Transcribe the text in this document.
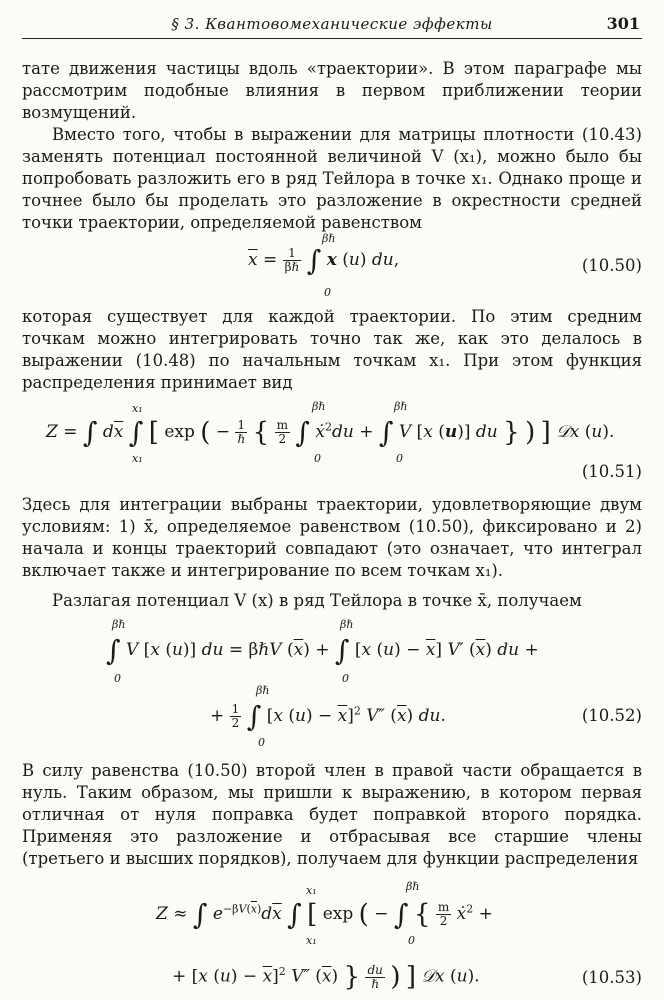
§ 3. Квантовомеханические эффекты	301
тате движения частицы вдоль «траектории». В этом параграфе мы рассмотрим подобные влияния в первом приближении теории возмущений.
Вместо того, чтобы в выражении для матрицы плотности (10.43) заменять потенциал постоянной величиной V (x₁), можно было бы попробовать разложить его в ряд Тейлора в точке x₁. Однако проще и точнее было бы проделать это разложение в окрестности средней точки траектории, определяемой равенством
$\overline{x} = \frac{1}{\text{βℏ}}$ ∫ x (u) du,
βℏ
0
(10.50)
которая существует для каждой траектории. По этим средним точкам можно интегрировать точно так же, как это делалось в выражении (10.48) по начальным точкам x₁. При этом функция распределения принимает вид
Z = ∫ $d\overline{x}$ ∫ [ exp ( − $\frac{1}{\text{ℏ}}$ { $\frac{m}{2}$ ∫ ẋ$^2$du + ∫ V [x (u)] du } ) ] 𝒟x (u).
x₁
x₁
βℏ
0
βℏ
0
(10.51)
Здесь для интеграции выбраны траектории, удовлетворяющие двум условиям: 1) x̄, определяемое равенством (10.50), фиксировано и 2) начала и концы траекторий совпадают (это означает, что интеграл включает также и интегрирование по всем точкам x₁).
Разлагая потенциал V (x) в ряд Тейлора в точке x̄, получаем
∫ V [x (u)] du = βℏV $(\overline{x})$ + ∫ [x $(u) - \overline{x}$] V′ $(\overline{x})$ du +
βℏ
0
βℏ
0
+ $\frac{1}{2}$ ∫ [x $(u) - \overline{x}]^2$ V″ $(\overline{x})$ du.
βℏ
0
(10.52)
В силу равенства (10.50) второй член в правой части обращается в нуль. Таким образом, мы пришли к выражению, в котором первая отличная от нуля поправка будет поправкой второго порядка. Применяя это разложение и отбрасывая все старшие члены (третьего и высших порядков), получаем для функции распределения
Z ≈ ∫ $e^{-\beta V(\overline{x})}d\overline{x}$ ∫ [ exp ( − ∫ { $\frac{m}{2}$ ẋ$^2$ +
x₁
x₁
βℏ
0
+ [x $(u) - \overline{x}]^2$ V″ $(\overline{x})$ } $\frac{du}{\text{ℏ}}$ ) ] 𝒟x (u).	(10.53)
